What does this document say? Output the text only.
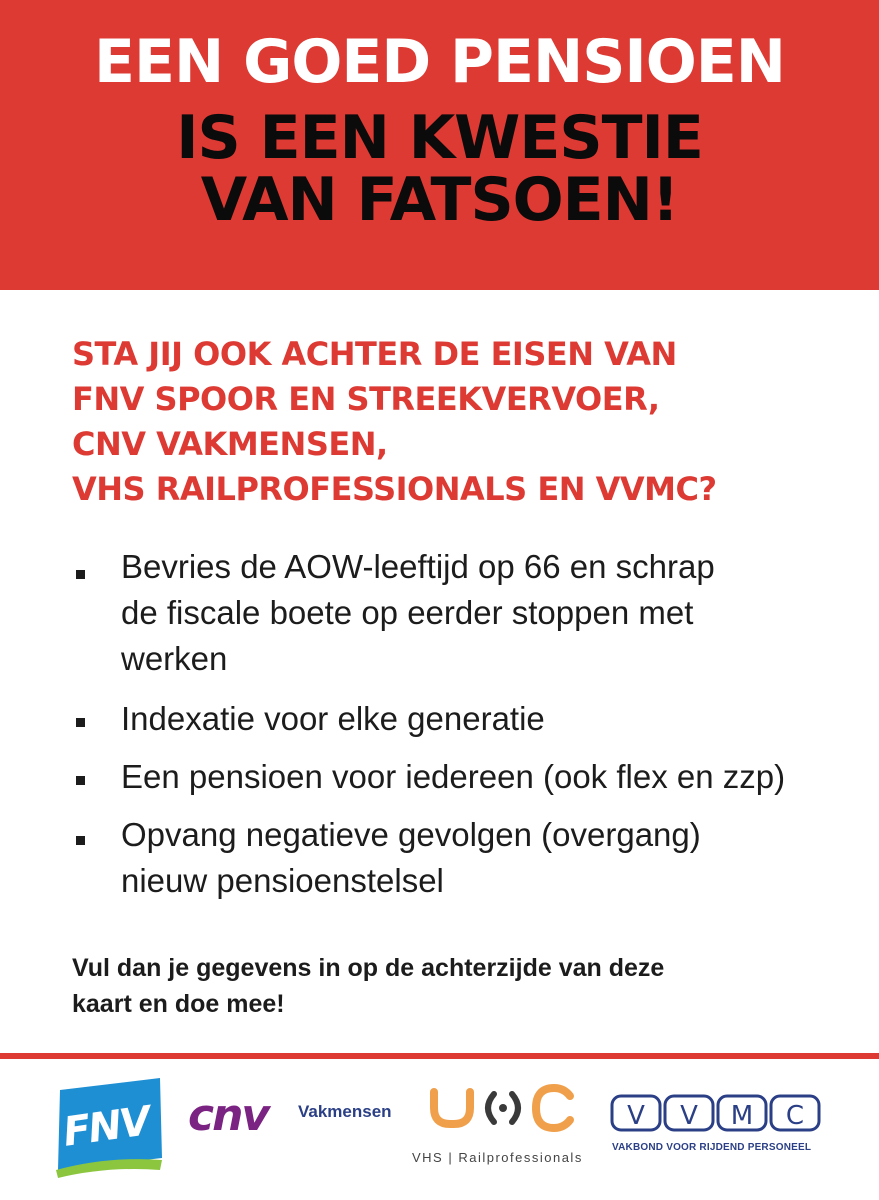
EEN GOED PENSIOEN
IS EEN KWESTIE
VAN FATSOEN!
STA JIJ OOK ACHTER DE EISEN VAN
FNV SPOOR EN STREEKVERVOER,
CNV VAKMENSEN,
VHS RAILPROFESSIONALS EN VVMC?
Bevries de AOW-leeftijd op 66 en schrap
de fiscale boete op eerder stoppen met
werken
Indexatie voor elke generatie
Een pensioen voor iedereen (ook flex en zzp)
Opvang negatieve gevolgen (overgang)
nieuw pensioenstelsel
Vul dan je gegevens in op de achterzijde van deze
kaart en doe mee!
FNV cnv Vakmensen
VHS | Railprofessionals
V V M C
VAKBOND VOOR RIJDEND PERSONEEL
